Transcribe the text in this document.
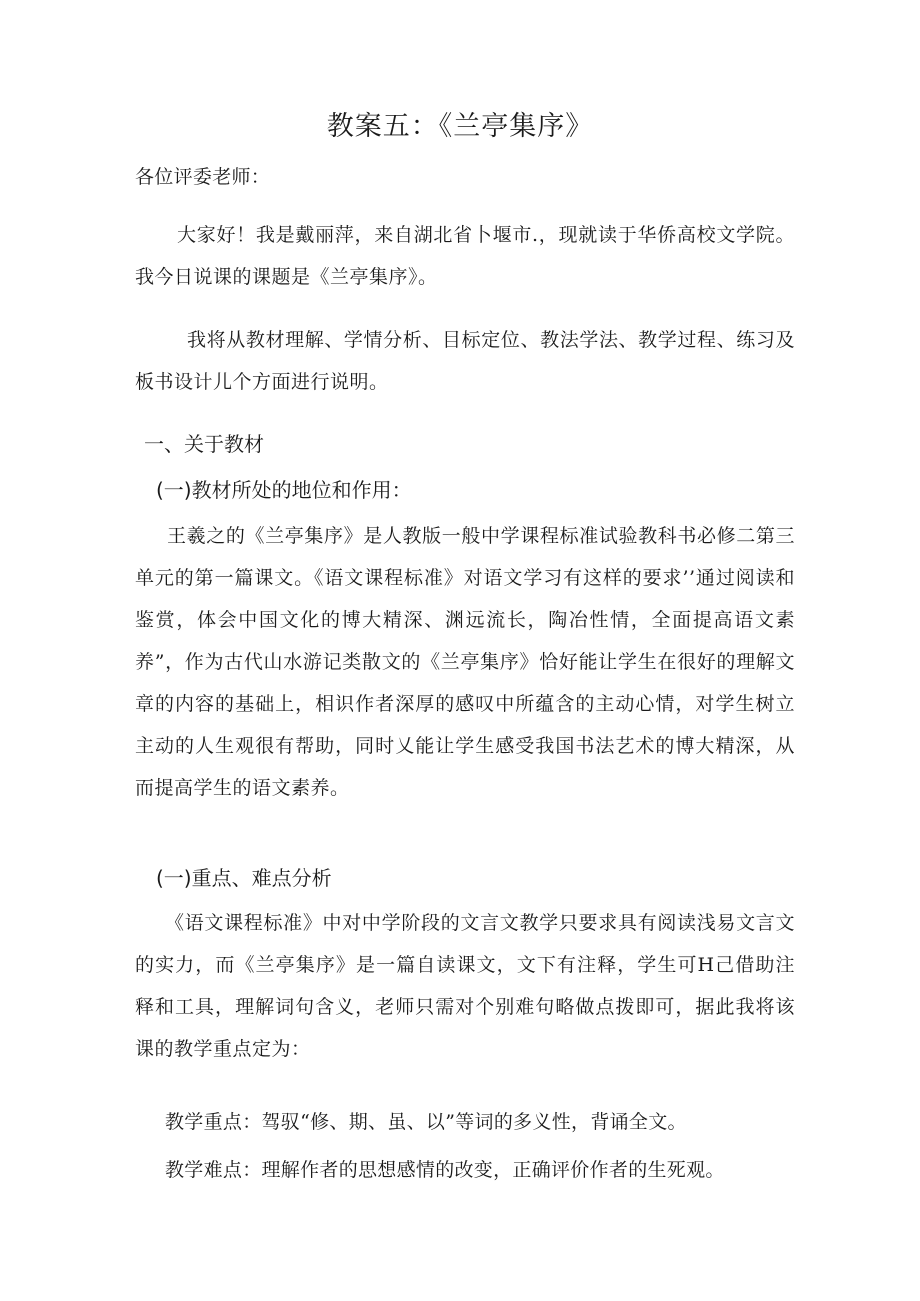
教案五：《兰亭集序》
各位评委老师：
大家好！我是戴丽萍，来自湖北省卜堰市.，现就读于华侨高校文学院。我今日说课的课题是《兰亭集序》。
我将从教材理解、学情分析、目标定位、教法学法、教学过程、练习及板书设计儿个方面进行说明。
一、关于教材
(一)教材所处的地位和作用：
王羲之的《兰亭集序》是人教版一般中学课程标准试验教科书必修二第三单元的第一篇课文。《语文课程标准》对语文学习有这样的要求’’通过阅读和鉴赏，体会中国文化的博大精深、渊远流长，陶冶性情，全面提高语文素养”，作为古代山水游记类散文的《兰亭集序》恰好能让学生在很好的理解文章的内容的基础上，相识作者深厚的感叹中所蕴含的主动心情，对学生树立主动的人生观很有帮助，同时乂能让学生感受我国书法艺术的博大精深，从而提高学生的语文素养。
(一)重点、难点分析
《语文课程标准》中对中学阶段的文言文教学只要求具有阅读浅易文言文的实力，而《兰亭集序》是一篇自读课文，文下有注释，学生可H己借助注释和工具，理解词句含义，老师只需对个别难句略做点拨即可，据此我将该课的教学重点定为：
教学重点：驾驭“修、期、虽、以”等词的多义性，背诵全文。
教学难点：理解作者的思想感情的改变，正确评价作者的生死观。
